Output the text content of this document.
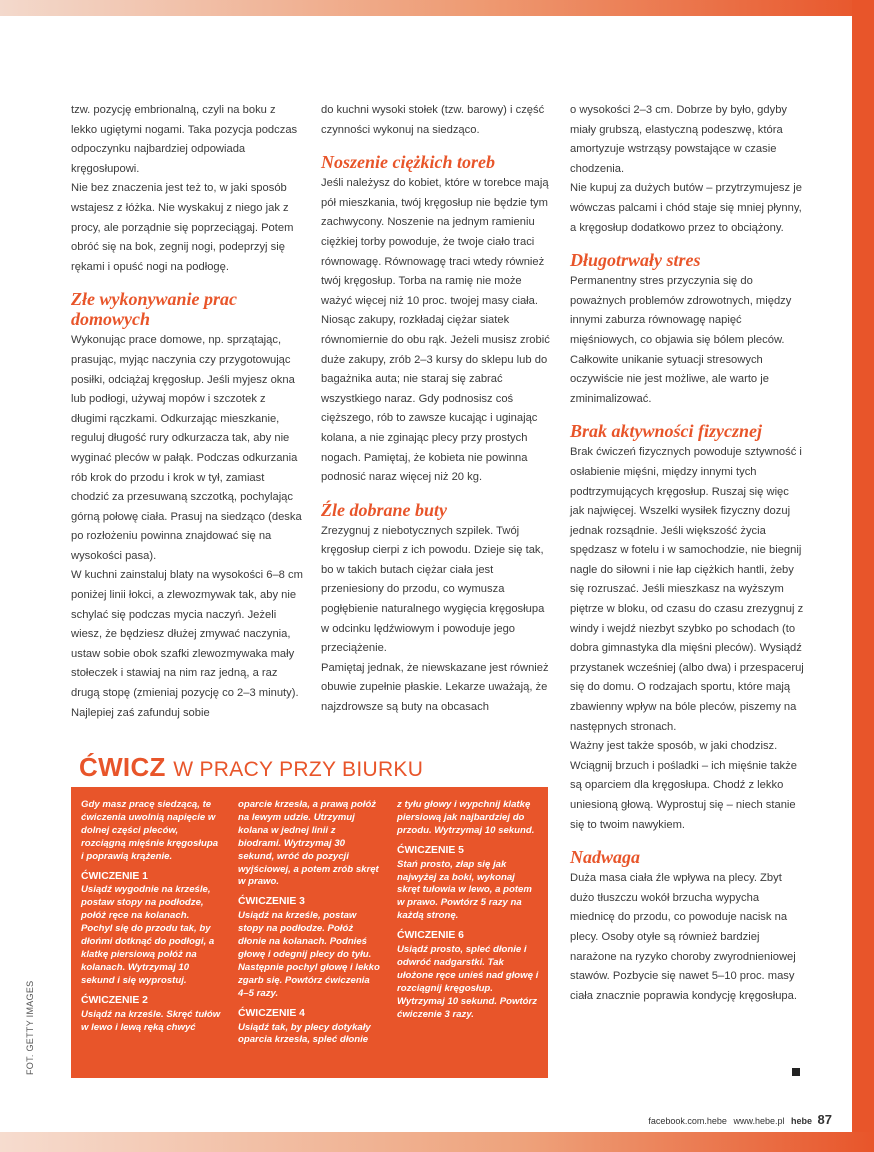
tzw. pozycję embrionalną, czyli na boku z lekko ugiętymi nogami. Taka pozycja podczas odpoczynku najbardziej odpowiada kręgosłupowi.

Nie bez znaczenia jest też to, w jaki sposób wstajesz z łóżka. Nie wyskakuj z niego jak z procy, ale porządnie się poprzeciągaj. Potem obróć się na bok, zegnij nogi, podeprzyj się rękami i opuść nogi na podłogę.

Złe wykonywanie prac domowych

Wykonując prace domowe, np. sprzątając, prasując, myjąc naczynia czy przygotowując posiłki, odciążaj kręgosłup. Jeśli myjesz okna lub podłogi, używaj mopów i szczotek z długimi rączkami. Odkurzając mieszkanie, reguluj długość rury odkurzacza tak, aby nie wyginać pleców w pałąk. Podczas odkurzania rób krok do przodu i krok w tył, zamiast chodzić za przesuwaną szczotką, pochylając górną połowę ciała. Prasuj na siedząco (deska po rozłożeniu powinna znajdować się na wysokości pasa).

W kuchni zainstaluj blaty na wysokości 6–8 cm poniżej linii łokci, a zlewozmywak tak, aby nie schylać się podczas mycia naczyń. Jeżeli wiesz, że będziesz dłużej zmywać naczynia, ustaw sobie obok szafki zlewozmywaka mały stołeczek i stawiaj na nim raz jedną, a raz drugą stopę (zmieniaj pozycję co 2–3 minuty). Najlepiej zaś zafunduj sobie

do kuchni wysoki stołek (tzw. barowy) i część czynności wykonuj na siedząco.

Noszenie ciężkich toreb

Jeśli należysz do kobiet, które w torebce mają pół mieszkania, twój kręgosłup nie będzie tym zachwycony. Noszenie na jednym ramieniu ciężkiej torby powoduje, że twoje ciało traci równowagę. Równowagę traci wtedy również twój kręgosłup. Torba na ramię nie może ważyć więcej niż 10 proc. twojej masy ciała.

Niosąc zakupy, rozkładaj ciężar siatek równomiernie do obu rąk. Jeżeli musisz zrobić duże zakupy, zrób 2–3 kursy do sklepu lub do bagażnika auta; nie staraj się zabrać wszystkiego naraz. Gdy podnosisz coś cięższego, rób to zawsze kucając i uginając kolana, a nie zginając plecy przy prostych nogach. Pamiętaj, że kobieta nie powinna podnosić naraz więcej niż 20 kg.

Źle dobrane buty

Zrezygnuj z niebotycznych szpilek. Twój kręgosłup cierpi z ich powodu. Dzieje się tak, bo w takich butach ciężar ciała jest przeniesiony do przodu, co wymusza pogłębienie naturalnego wygięcia kręgosłupa w odcinku lędźwiowym i powoduje jego przeciążenie.

Pamiętaj jednak, że niewskazane jest również obuwie zupełnie płaskie. Lekarze uważają, że najzdrowsze są buty na obcasach

o wysokości 2–3 cm. Dobrze by było, gdyby miały grubszą, elastyczną podeszwę, która amortyzuje wstrząsy powstające w czasie chodzenia.

Nie kupuj za dużych butów – przytrzymujesz je wówczas palcami i chód staje się mniej płynny, a kręgosłup dodatkowo przez to obciążony.

Długotrwały stres

Permanentny stres przyczynia się do poważnych problemów zdrowotnych, między innymi zaburza równowagę napięć mięśniowych, co objawia się bólem pleców. Całkowite unikanie sytuacji stresowych oczywiście nie jest możliwe, ale warto je zminimalizować.

Brak aktywności fizycznej

Brak ćwiczeń fizycznych powoduje sztywność i osłabienie mięśni, między innymi tych podtrzymujących kręgosłup. Ruszaj się więc jak najwięcej. Wszelki wysiłek fizyczny dozuj jednak rozsądnie. Jeśli większość życia spędzasz w fotelu i w samochodzie, nie biegnij nagle do siłowni i nie łap ciężkich hantli, żeby się rozruszać. Jeśli mieszkasz na wyższym piętrze w bloku, od czasu do czasu zrezygnuj z windy i wejdź niezbyt szybko po schodach (to dobra gimnastyka dla mięśni pleców). Wysiądź przystanek wcześniej (albo dwa) i przespaceruj się do domu. O rodzajach sportu, które mają zbawienny wpływ na bóle pleców, piszemy na następnych stronach.

Ważny jest także sposób, w jaki chodzisz. Wciągnij brzuch i pośladki – ich mięśnie także są oparciem dla kręgosłupa. Chodź z lekko uniesioną głową. Wyprostuj się – niech stanie się to twoim nawykiem.

Nadwaga

Duża masa ciała źle wpływa na plecy. Zbyt dużo tłuszczu wokół brzucha wypycha miednicę do przodu, co powoduje nacisk na plecy. Osoby otyłe są również bardziej narażone na ryzyko choroby zwyrodnieniowej stawów. Pozbycie się nawet 5–10 proc. masy ciała znacznie poprawia kondycję kręgosłupa.

ĆWICZ W PRACY PRZY BIURKU

Gdy masz pracę siedzącą, te ćwiczenia uwolnią napięcie w dolnej części pleców, rozciągną mięśnie kręgosłupa i poprawią krążenie.

ĆWICZENIE 1

Usiądź wygodnie na krześle, postaw stopy na podłodze, połóż ręce na kolanach. Pochyl się do przodu tak, by dłońmi dotknąć do podłogi, a klatkę piersiową połóż na kolanach. Wytrzymaj 10 sekund i się wyprostuj.

ĆWICZENIE 2

Usiądź na krześle. Skręć tułów w lewo i lewą ręką chwyć

oparcie krzesła, a prawą połóż na lewym udzie. Utrzymuj kolana w jednej linii z biodrami. Wytrzymaj 30 sekund, wróć do pozycji wyjściowej, a potem zrób skręt w prawo.

ĆWICZENIE 3

Usiądź na krześle, postaw stopy na podłodze. Połóż dłonie na kolanach. Podnieś głowę i odegnij plecy do tyłu. Następnie pochyl głowę i lekko zgarb się. Powtórz ćwiczenia 4–5 razy.

ĆWICZENIE 4

Usiądź tak, by plecy dotykały oparcia krzesła, spleć dłonie

z tyłu głowy i wypchnij klatkę piersiową jak najbardziej do przodu. Wytrzymaj 10 sekund.

ĆWICZENIE 5

Stań prosto, złap się jak najwyżej za boki, wykonaj skręt tułowia w lewo, a potem w prawo. Powtórz 5 razy na każdą stronę.

ĆWICZENIE 6

Usiądź prosto, spleć dłonie i odwróć nadgarstki. Tak ułożone ręce unieś nad głowę i rozciągnij kręgosłup. Wytrzymaj 10 sekund. Powtórz ćwiczenie 3 razy.

FOT. GETTY IMAGES
facebook.com.hebe www.hebe.pl hebe 87
